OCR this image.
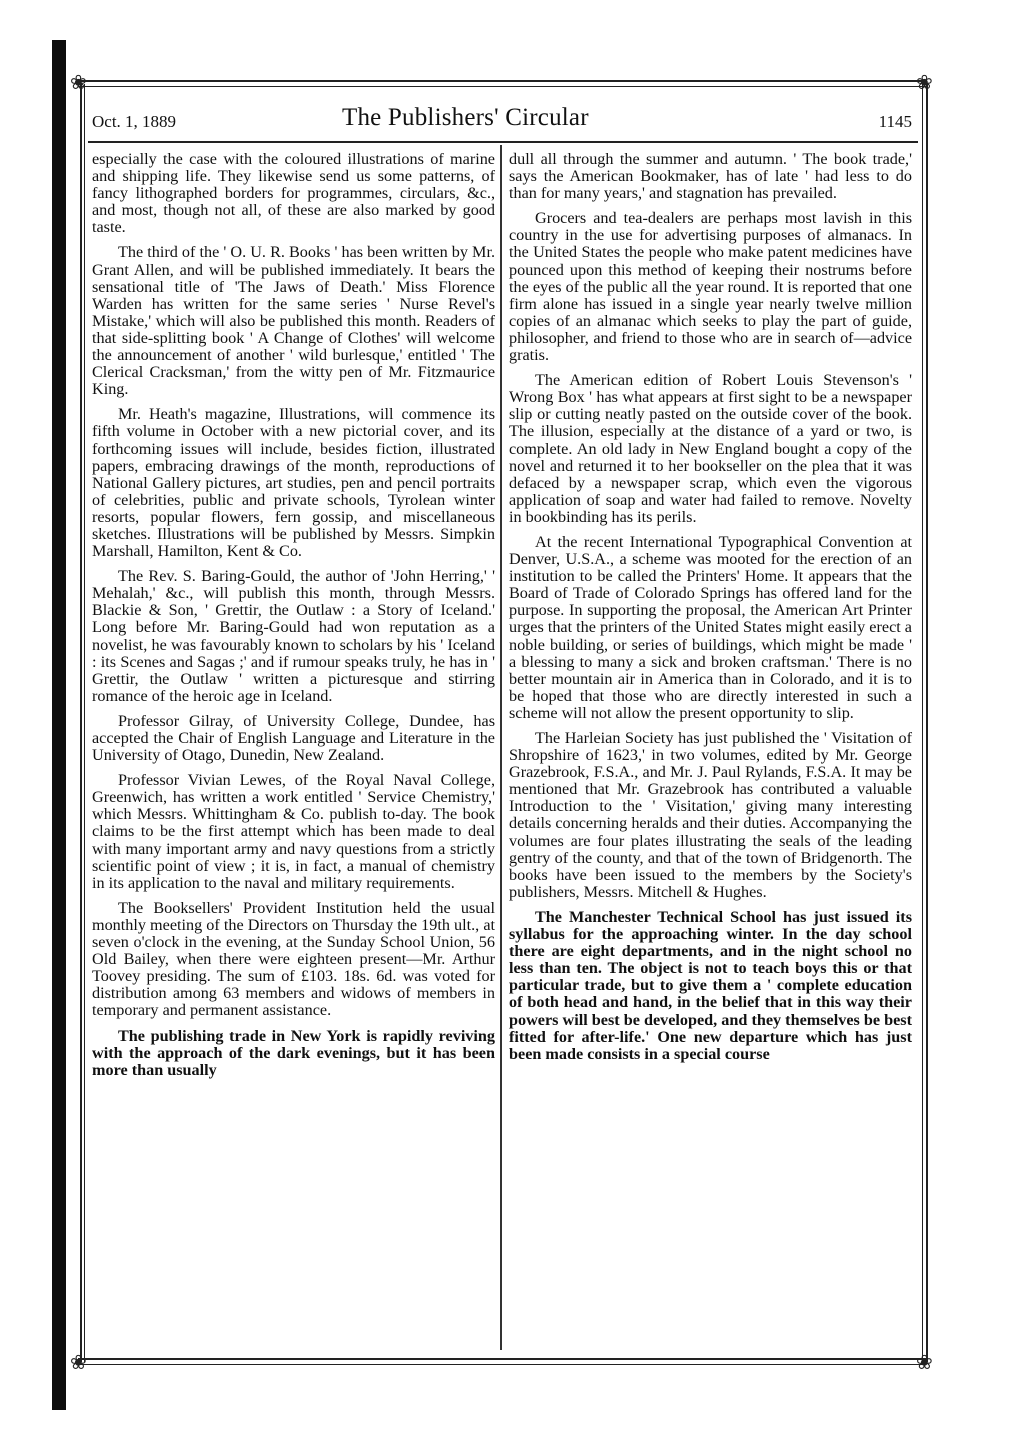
❀	❀
❀	❀
Oct. 1, 1889	The Publishers' Circular	1145

especially the case with the coloured illustrations of marine and shipping life. They likewise send us some patterns, of fancy lithographed borders for programmes, circulars, &c., and most, though not all, of these are also marked by good taste.

The third of the ' O. U. R. Books ' has been written by Mr. Grant Allen, and will be published immediately. It bears the sensational title of 'The Jaws of Death.' Miss Florence Warden has written for the same series ' Nurse Revel's Mistake,' which will also be published this month. Readers of that side-splitting book ' A Change of Clothes' will welcome the announcement of another ' wild burlesque,' entitled ' The Clerical Cracksman,' from the witty pen of Mr. Fitzmaurice King.

Mr. Heath's magazine, Illustrations, will commence its fifth volume in October with a new pictorial cover, and its forthcoming issues will include, besides fiction, illustrated papers, embracing drawings of the month, reproductions of National Gallery pictures, art studies, pen and pencil portraits of celebrities, public and private schools, Tyrolean winter resorts, popular flowers, fern gossip, and miscellaneous sketches. Illustrations will be published by Messrs. Simpkin Marshall, Hamilton, Kent & Co.

The Rev. S. Baring-Gould, the author of 'John Herring,' ' Mehalah,' &c., will publish this month, through Messrs. Blackie & Son, ' Grettir, the Outlaw : a Story of Iceland.' Long before Mr. Baring-Gould had won reputation as a novelist, he was favourably known to scholars by his ' Iceland : its Scenes and Sagas ;' and if rumour speaks truly, he has in ' Grettir, the Outlaw ' written a picturesque and stirring romance of the heroic age in Iceland.

Professor Gilray, of University College, Dundee, has accepted the Chair of English Language and Literature in the University of Otago, Dunedin, New Zealand.

Professor Vivian Lewes, of the Royal Naval College, Greenwich, has written a work entitled ' Service Chemistry,' which Messrs. Whittingham & Co. publish to-day. The book claims to be the first attempt which has been made to deal with many important army and navy questions from a strictly scientific point of view ; it is, in fact, a manual of chemistry in its application to the naval and military requirements.

The Booksellers' Provident Institution held the usual monthly meeting of the Directors on Thursday the 19th ult., at seven o'clock in the evening, at the Sunday School Union, 56 Old Bailey, when there were eighteen present—Mr. Arthur Toovey presiding. The sum of £103. 18s. 6d. was voted for distribution among 63 members and widows of members in temporary and permanent assistance.

The publishing trade in New York is rapidly reviving with the approach of the dark evenings, but it has been more than usually

dull all through the summer and autumn. ' The book trade,' says the American Bookmaker, has of late ' had less to do than for many years,' and stagnation has prevailed.

Grocers and tea-dealers are perhaps most lavish in this country in the use for advertising purposes of almanacs. In the United States the people who make patent medicines have pounced upon this method of keeping their nostrums before the eyes of the public all the year round. It is reported that one firm alone has issued in a single year nearly twelve million copies of an almanac which seeks to play the part of guide, philosopher, and friend to those who are in search of—advice gratis.

The American edition of Robert Louis Stevenson's ' Wrong Box ' has what appears at first sight to be a newspaper slip or cutting neatly pasted on the outside cover of the book. The illusion, especially at the distance of a yard or two, is complete. An old lady in New England bought a copy of the novel and returned it to her bookseller on the plea that it was defaced by a newspaper scrap, which even the vigorous application of soap and water had failed to remove. Novelty in bookbinding has its perils.

At the recent International Typographical Convention at Denver, U.S.A., a scheme was mooted for the erection of an institution to be called the Printers' Home. It appears that the Board of Trade of Colorado Springs has offered land for the purpose. In supporting the proposal, the American Art Printer urges that the printers of the United States might easily erect a noble building, or series of buildings, which might be made ' a blessing to many a sick and broken craftsman.' There is no better mountain air in America than in Colorado, and it is to be hoped that those who are directly interested in such a scheme will not allow the present opportunity to slip.

The Harleian Society has just published the ' Visitation of Shropshire of 1623,' in two volumes, edited by Mr. George Grazebrook, F.S.A., and Mr. J. Paul Rylands, F.S.A. It may be mentioned that Mr. Grazebrook has contributed a valuable Introduction to the ' Visitation,' giving many interesting details concerning heralds and their duties. Accompanying the volumes are four plates illustrating the seals of the leading gentry of the county, and that of the town of Bridgenorth. The books have been issued to the members by the Society's publishers, Messrs. Mitchell & Hughes.

The Manchester Technical School has just issued its syllabus for the approaching winter. In the day school there are eight departments, and in the night school no less than ten. The object is not to teach boys this or that particular trade, but to give them a ' complete education of both head and hand, in the belief that in this way their powers will best be developed, and they themselves be best fitted for after-life.' One new departure which has just been made consists in a special course
